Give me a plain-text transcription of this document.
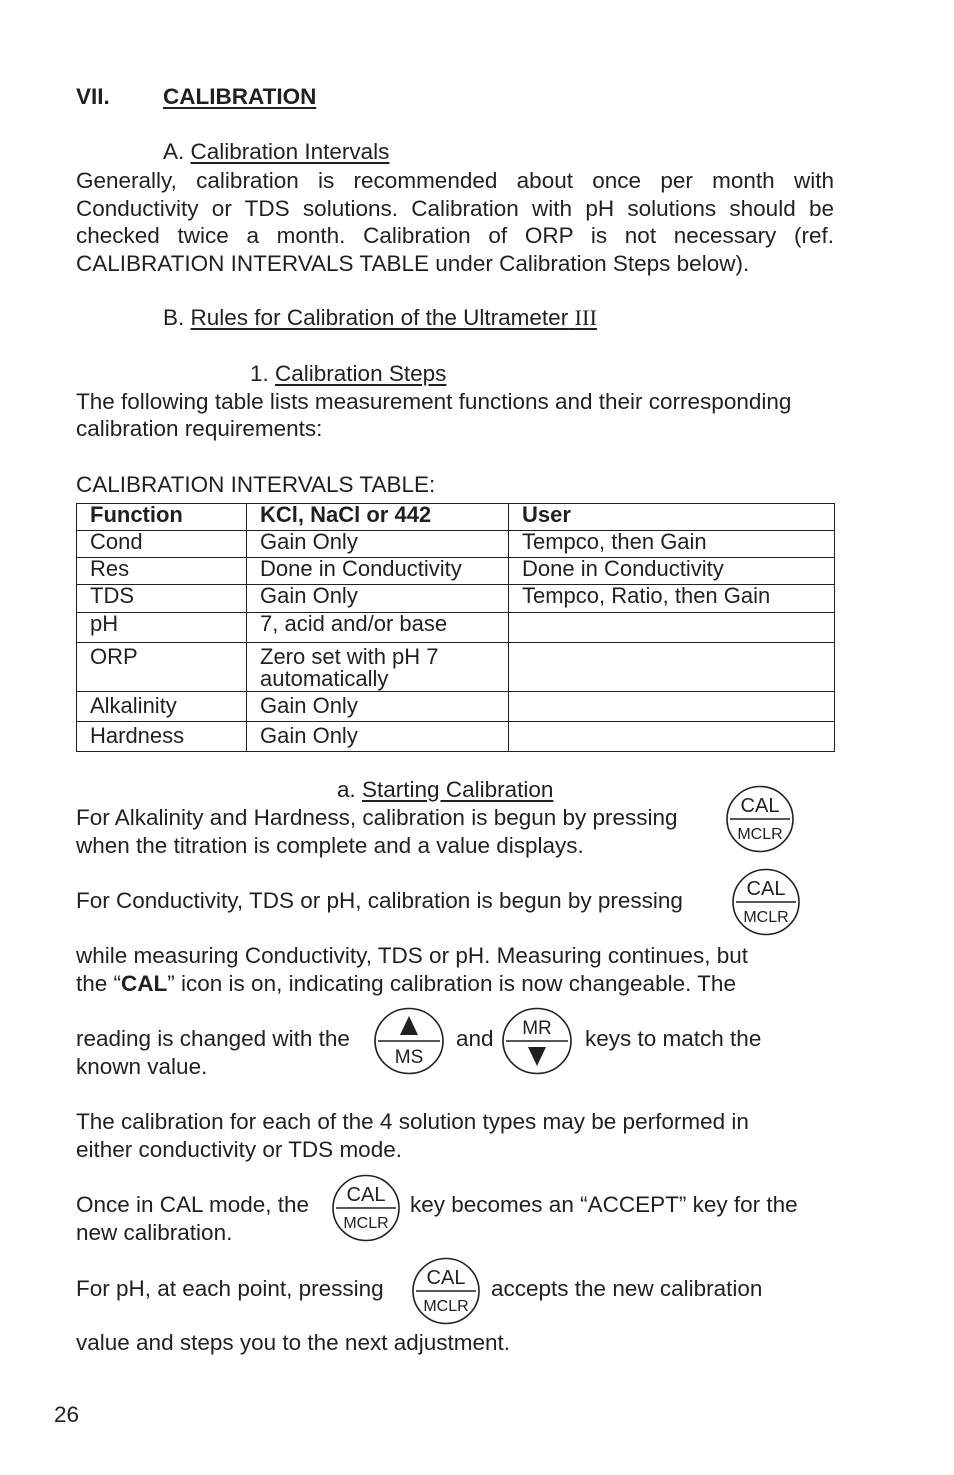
VII. CALIBRATION
A. Calibration Intervals
Generally, calibration is recommended about once per month with Conductivity or TDS solutions. Calibration with pH solutions should be checked twice a month. Calibration of ORP is not necessary (ref. CALIBRATION INTERVALS TABLE under Calibration Steps below).
B. Rules for Calibration of the Ultrameter III
1. Calibration Steps
The following table lists measurement functions and their corresponding
calibration requirements:
CALIBRATION INTERVALS TABLE:
Function	KCl, NaCl or 442	User
Cond	Gain Only	Tempco, then Gain
Res	Done in Conductivity	Done in Conductivity
TDS	Gain Only	Tempco, Ratio, then Gain
pH	7, acid and/or base	
ORP	Zero set with pH 7 automatically	
Alkalinity	Gain Only	
Hardness	Gain Only	
a. Starting Calibration
For Alkalinity and Hardness, calibration is begun by pressing
when the titration is complete and a value displays.
For Conductivity, TDS or pH, calibration is begun by pressing
while measuring Conductivity, TDS or pH. Measuring continues, but
the “CAL” icon is on, indicating calibration is now changeable. The
reading is changed with the	and	keys to match the
known value.
The calibration for each of the 4 solution types may be performed in
either conductivity or TDS mode.
Once in CAL mode, the	key becomes an “ACCEPT” key for the
new calibration.
For pH, at each point, pressing	accepts the new calibration
value and steps you to the next adjustment.
26
CAL
MCLR
CAL
MCLR
MS
MR
CAL
MCLR
CAL
MCLR
